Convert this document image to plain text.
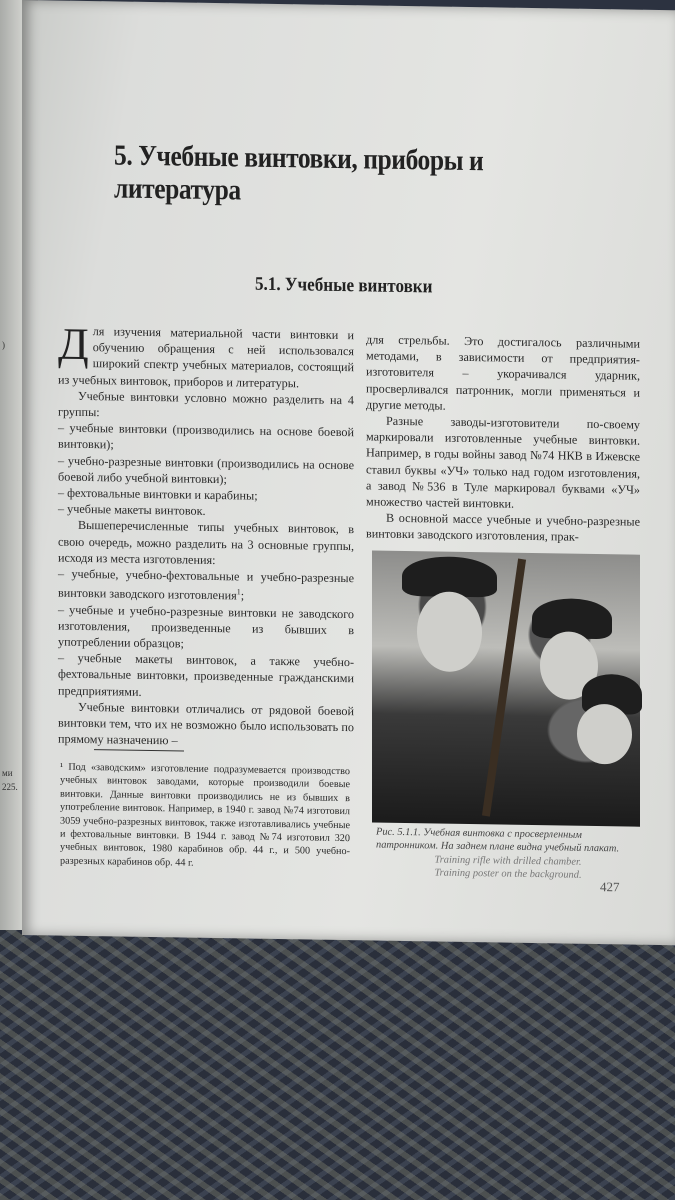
)
ми
225.
5. Учебные винтовки, приборы и литература
5.1. Учебные винтовки

Для изучения материальной части винтовки и обучению обращения с ней использовался широкий спектр учебных материалов, состоящий из учебных винтовок, приборов и литературы.

Учебные винтовки условно можно разделить на 4 группы:

– учебные винтовки (производились на основе боевой винтовки);

– учебно-разрезные винтовки (производились на основе боевой либо учебной винтовки);

– фехтовальные винтовки и карабины;

– учебные макеты винтовок.

Вышеперечисленные типы учебных винтовок, в свою очередь, можно разделить на 3 основные группы, исходя из места изготовления:

– учебные, учебно-фехтовальные и учебно-разрезные винтовки заводского изготовления$^1$;

– учебные и учебно-разрезные винтовки не заводского изготовления, произведенные из бывших в употреблении образцов;

– учебные макеты винтовок, а также учебно-фехтовальные винтовки, произведенные гражданскими предприятиями.

Учебные винтовки отличались от рядовой боевой винтовки тем, что их не возможно было использовать по прямому назначению –

¹ Под «заводским» изготовление подразумевается производство учебных винтовок заводами, которые производили боевые винтовки. Данные винтовки производились не из бывших в употребление винтовок. Например, в 1940 г. завод №74 изготовил 3059 учебно-разрезных винтовок, также изготавливались учебные и фехтовальные винтовки. В 1944 г. завод №74 изготовил 320 учебных винтовок, 1980 карабинов обр. 44 г., и 500 учебно-разрезных карабинов обр. 44 г.

для стрельбы. Это достигалось различными методами, в зависимости от предприятия-изготовителя – укорачивался ударник, просверливался патронник, могли применяться и другие методы.

Разные заводы-изготовители по-своему маркировали изготовленные учебные винтовки. Например, в годы войны завод №74 НКВ в Ижевске ставил буквы «УЧ» только над годом изготовления, а завод №536 в Туле маркировал буквами «УЧ» множество частей винтовки.

В основной массе учебные и учебно-разрезные винтовки заводского изготовления, прак-

Рис. 5.1.1. Учебная винтовка с просверленным патронником. На заднем плане видна учебный плакат.
Training rifle with drilled chamber.
Training poster on the background.
427
